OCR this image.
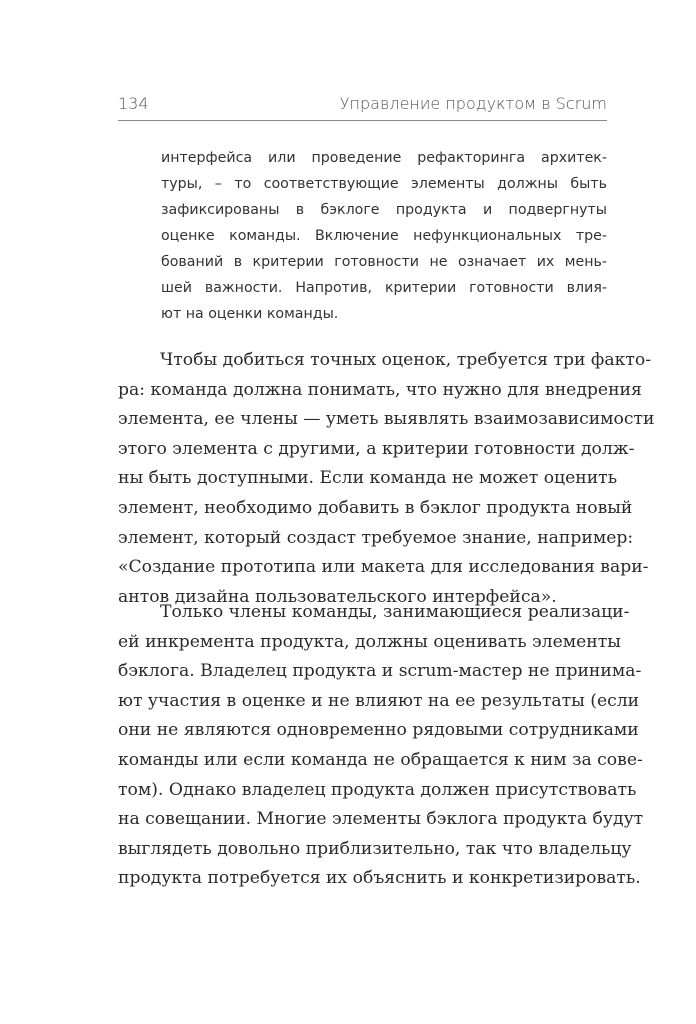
134	Управление продуктом в Scrum
интерфейса или проведение рефакторинга архитек-
туры, – то соответствующие элементы должны быть
зафиксированы в бэклоге продукта и подвергнуты
оценке команды. Включение нефункциональных тре-
бований в критерии готовности не означает их мень-
шей важности. Напротив, критерии готовности влия-
ют на оценки команды.
Чтобы добиться точных оценок, требуется три факто-
ра: команда должна понимать, что нужно для внедрения
элемента, ее члены — уметь выявлять взаимозависимости
этого элемента с другими, а критерии готовности долж-
ны быть доступными. Если команда не может оценить
элемент, необходимо добавить в бэклог продукта новый
элемент, который создаст требуемое знание, например:
«Создание прототипа или макета для исследования вари-
антов дизайна пользовательского интерфейса».
Только члены команды, занимающиеся реализаци-
ей инкремента продукта, должны оценивать элементы
бэклога. Владелец продукта и scrum-мастер не принима-
ют участия в оценке и не влияют на ее результаты (если
они не являются одновременно рядовыми сотрудниками
команды или если команда не обращается к ним за сове-
том). Однако владелец продукта должен присутствовать
на совещании. Многие элементы бэклога продукта будут
выглядеть довольно приблизительно, так что владельцу
продукта потребуется их объяснить и конкретизировать.
